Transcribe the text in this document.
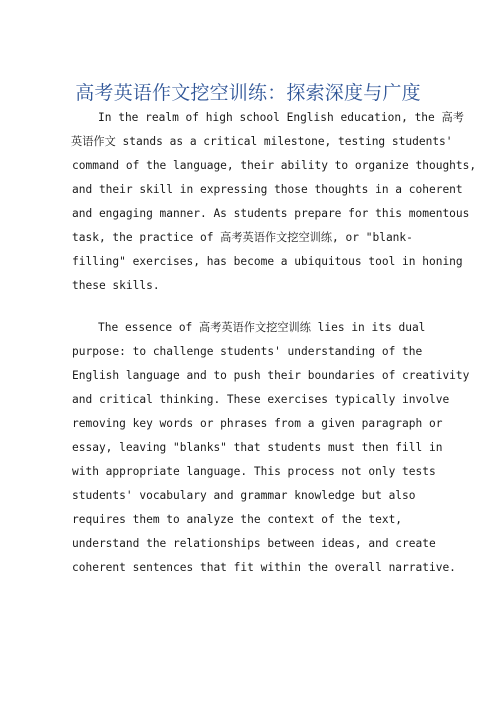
高考英语作文挖空训练：探索深度与广度
In the realm of high school English education, the 高考
英语作文 stands as a critical milestone, testing students'
command of the language, their ability to organize thoughts,
and their skill in expressing those thoughts in a coherent
and engaging manner. As students prepare for this momentous
task, the practice of 高考英语作文挖空训练, or "blank-
filling" exercises, has become a ubiquitous tool in honing
these skills.
The essence of 高考英语作文挖空训练 lies in its dual
purpose: to challenge students' understanding of the
English language and to push their boundaries of creativity
and critical thinking. These exercises typically involve
removing key words or phrases from a given paragraph or
essay, leaving "blanks" that students must then fill in
with appropriate language. This process not only tests
students' vocabulary and grammar knowledge but also
requires them to analyze the context of the text,
understand the relationships between ideas, and create
coherent sentences that fit within the overall narrative.
